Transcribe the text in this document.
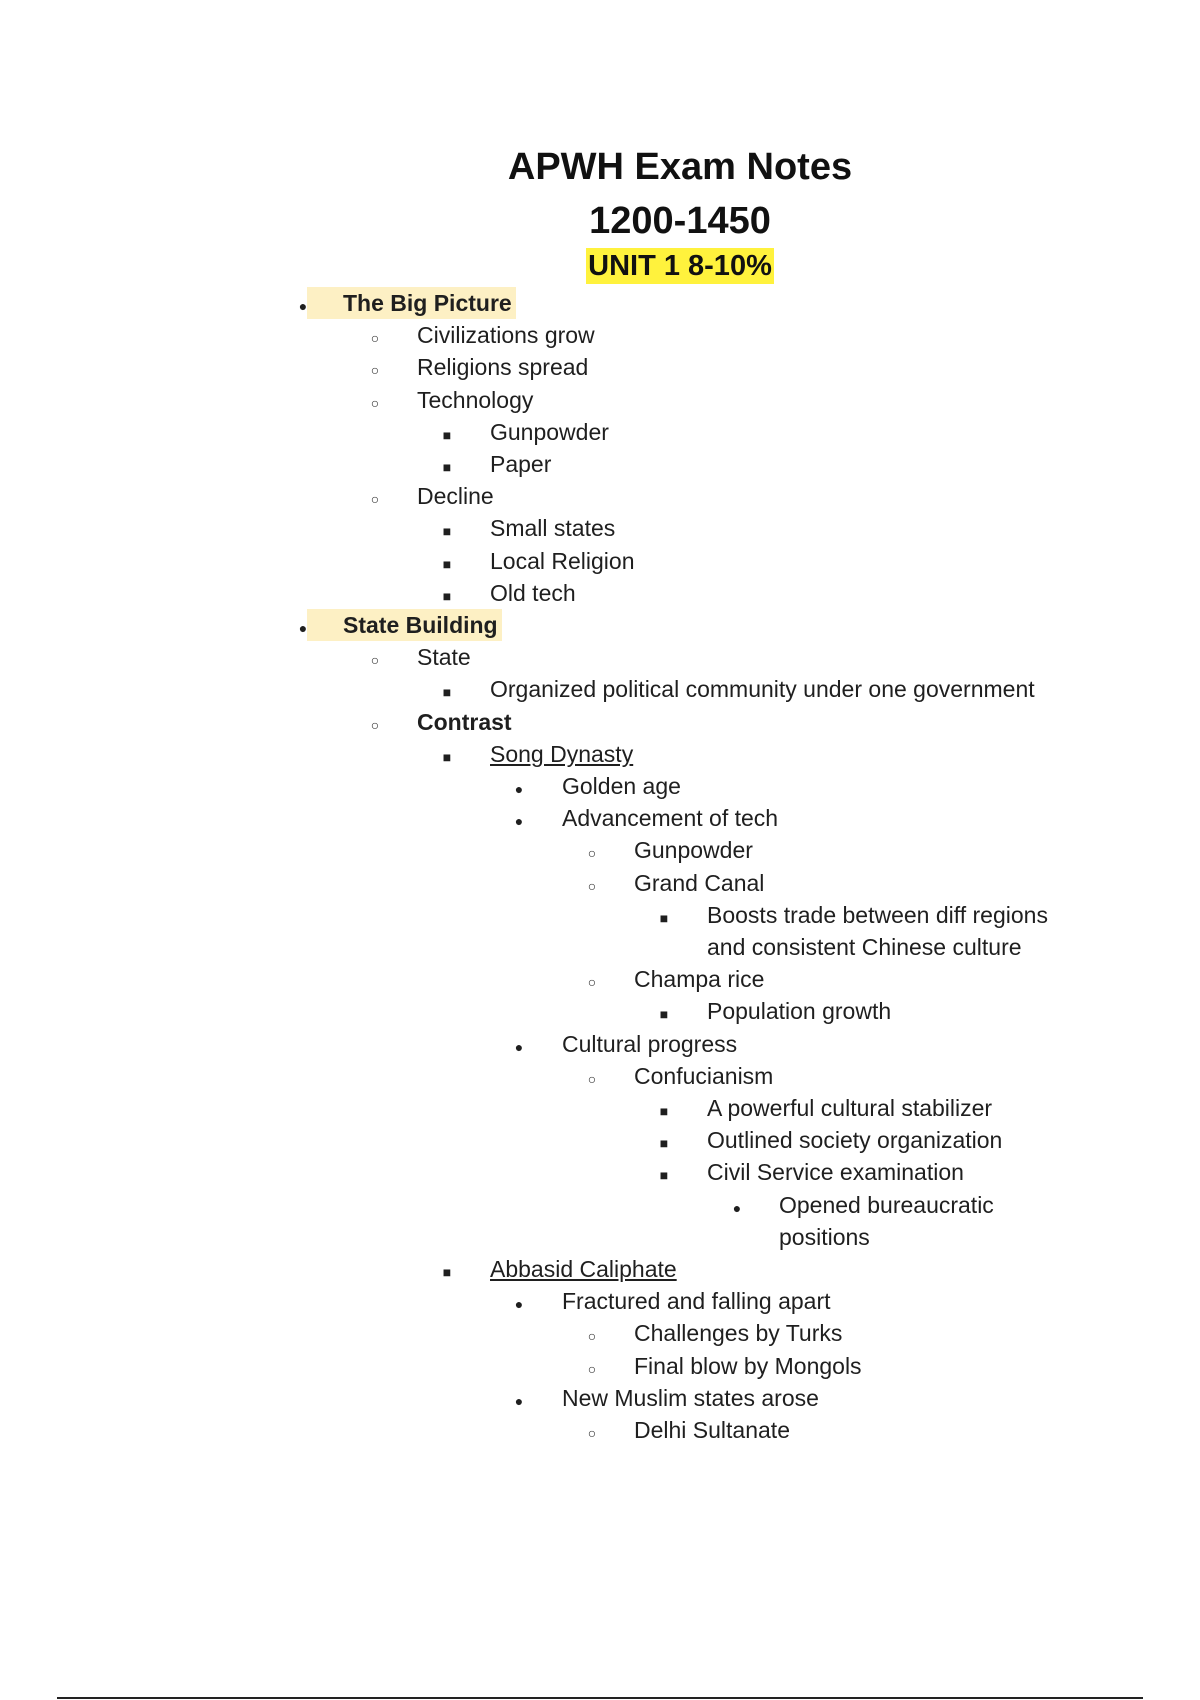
APWH Exam Notes
1200-1450
UNIT 1 8-10%
●
The Big Picture
○
Civilizations grow
○
Religions spread
○
Technology
■
Gunpowder
■
Paper
○
Decline
■
Small states
■
Local Religion
■
Old tech
●
State Building
○
State
■
Organized political community under one government
○
Contrast
■
Song Dynasty
●
Golden age
●
Advancement of tech
○
Gunpowder
○
Grand Canal
■
Boosts trade between diff regions
and consistent Chinese culture
○
Champa rice
■
Population growth
●
Cultural progress
○
Confucianism
■
A powerful cultural stabilizer
■
Outlined society organization
■
Civil Service examination
●
Opened bureaucratic
positions
■
Abbasid Caliphate
●
Fractured and falling apart
○
Challenges by Turks
○
Final blow by Mongols
●
New Muslim states arose
○
Delhi Sultanate
